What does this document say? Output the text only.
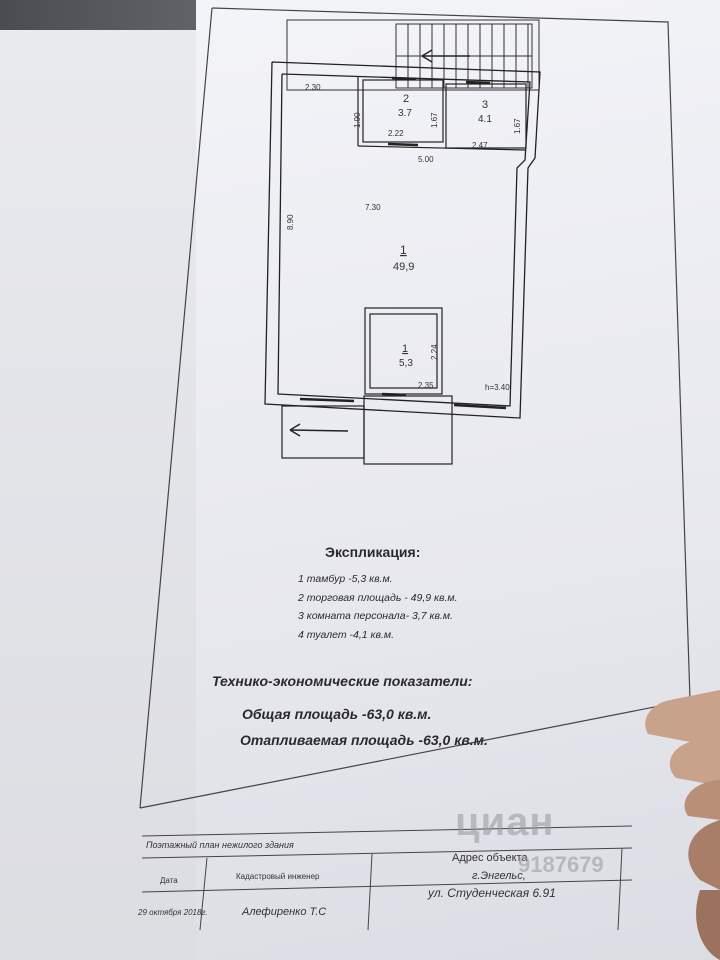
2
3.7
3
4.1
1
49,9
1
5,3
2.30
1.90
2.22
1.67	1.67
2.47
5.00
7.30
8.90
2.24
2.35	h=3.40
Экспликация:
1 тамбур -5,3 кв.м.
2 торговая площадь - 49,9 кв.м.
3 комната персонала- 3,7 кв.м.
4 туалет -4,1 кв.м.
Технико-экономические показатели:
Общая площадь -63,0 кв.м.
Отапливаемая площадь -63,0 кв.м.
Поэтажный план нежилого здания
Дата	Кадастровый инженер
29 октября 2018г.	Алефиренко Т.С
Адрес объекта
г.Энгельс,
ул. Студенческая 6.91
циан
9187679
